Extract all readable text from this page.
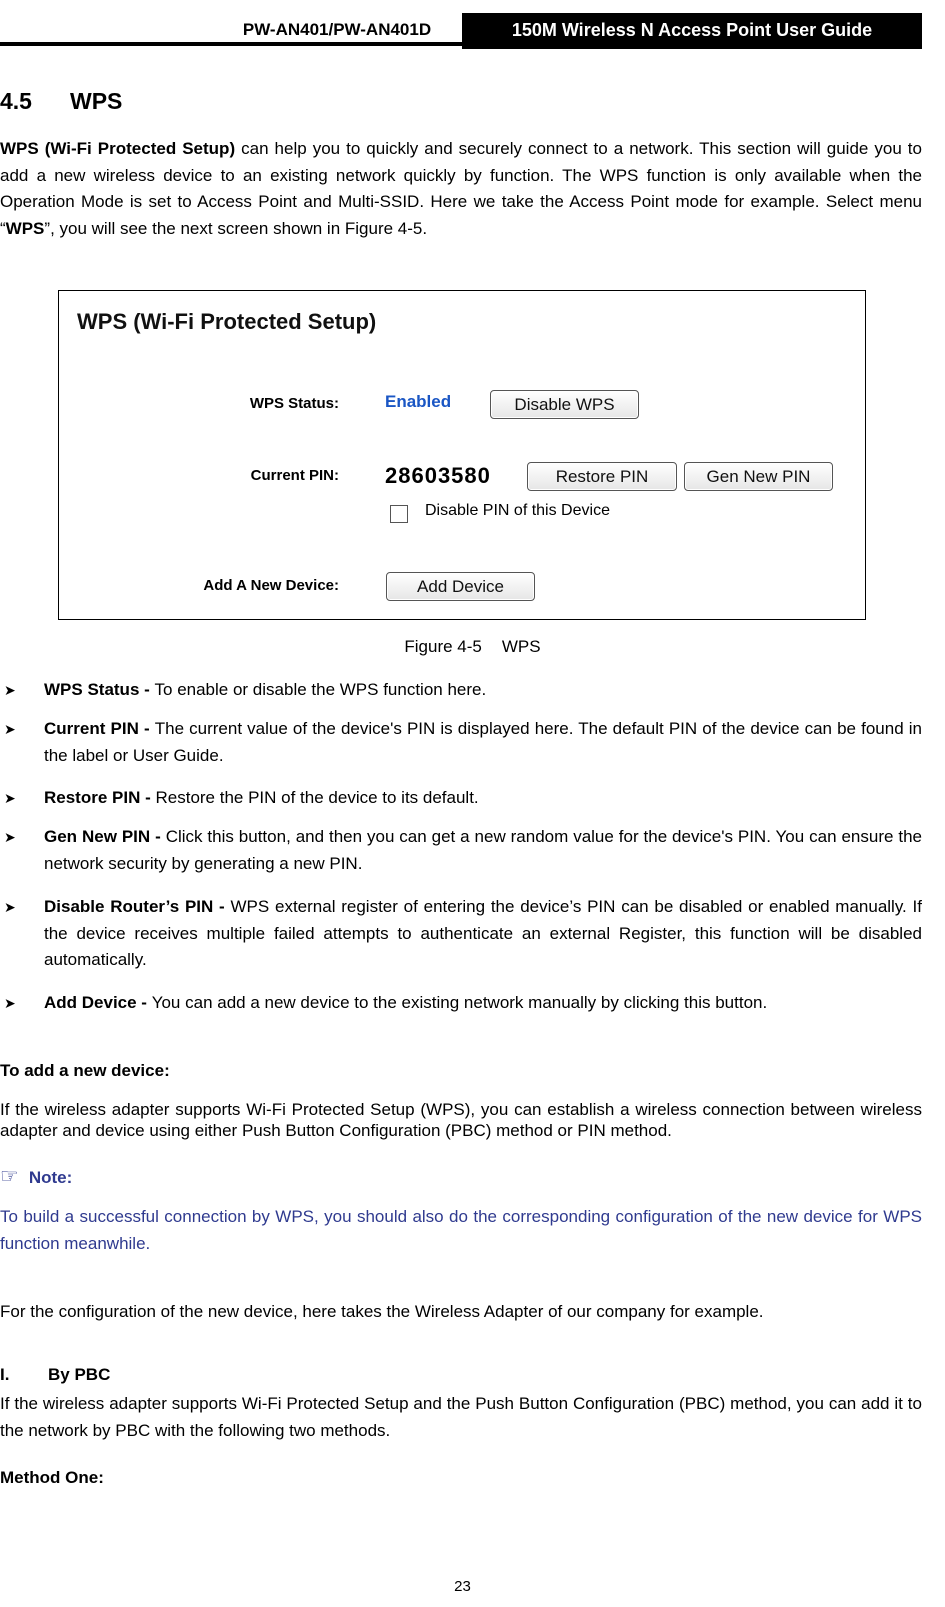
PW-AN401/PW-AN401D	150M Wireless N Access Point User Guide
4.5 WPS

WPS (Wi-Fi Protected Setup) can help you to quickly and securely connect to a network. This section will guide you to add a new wireless device to an existing network quickly by function. The WPS function is only available when the Operation Mode is set to Access Point and Multi-SSID. Here we take the Access Point mode for example. Select menu “WPS”, you will see the next screen shown in Figure 4-5.

WPS (Wi-Fi Protected Setup)
WPS Status:	Enabled	Disable WPS
Current PIN: 28603580	Restore PIN	Gen New PIN
Disable PIN of this Device
Add A New Device:	Add Device
Figure 4-5 WPS
➤ WPS Status - To enable or disable the WPS function here.
➤ Current PIN - The current value of the device's PIN is displayed here. The default PIN of the device can be found in the label or User Guide.
➤ Restore PIN - Restore the PIN of the device to its default.
➤ Gen New PIN - Click this button, and then you can get a new random value for the device's PIN. You can ensure the network security by generating a new PIN.
➤ Disable Router’s PIN - WPS external register of entering the device’s PIN can be disabled or enabled manually. If the device receives multiple failed attempts to authenticate an external Register, this function will be disabled automatically.
➤ Add Device - You can add a new device to the existing network manually by clicking this button.
To add a new device:

If the wireless adapter supports Wi-Fi Protected Setup (WPS), you can establish a wireless connection between wireless adapter and device using either Push Button Configuration (PBC) method or PIN method.

☞ Note:

To build a successful connection by WPS, you should also do the corresponding configuration of the new device for WPS function meanwhile.

For the configuration of the new device, here takes the Wireless Adapter of our company for example.

I. By PBC

If the wireless adapter supports Wi-Fi Protected Setup and the Push Button Configuration (PBC) method, you can add it to the network by PBC with the following two methods.

Method One:
23
